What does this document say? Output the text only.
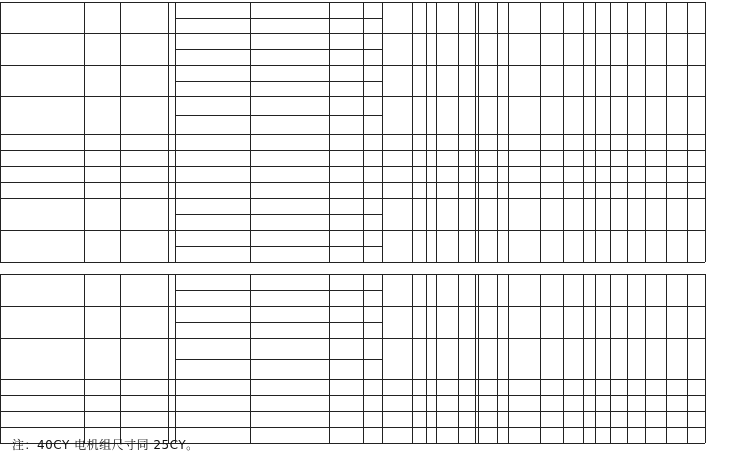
注：40CY 电机组尺寸同 25CY。
